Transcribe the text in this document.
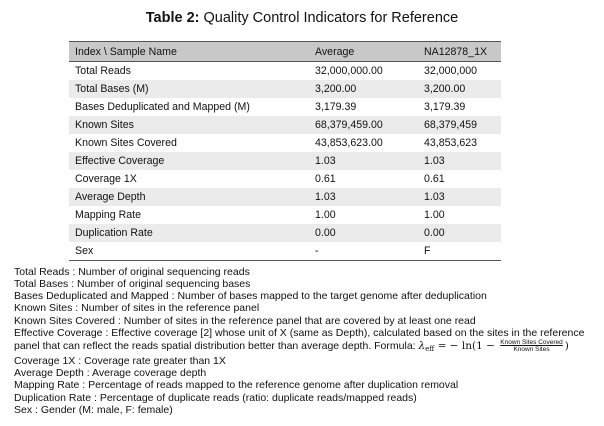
Table 2: Quality Control Indicators for Reference
Index \ Sample Name	Average	NA12878_1X
Total Reads	32,000,000.00	32,000,000
Total Bases (M)	3,200.00	3,200.00
Bases Deduplicated and Mapped (M)	3,179.39	3,179.39
Known Sites	68,379,459.00	68,379,459
Known Sites Covered	43,853,623.00	43,853,623
Effective Coverage	1.03	1.03
Coverage 1X	0.61	0.61
Average Depth	1.03	1.03
Mapping Rate	1.00	1.00
Duplication Rate	0.00	0.00
Sex	-	F
Total Reads : Number of original sequencing reads
Total Bases : Number of original sequencing bases
Bases Deduplicated and Mapped : Number of bases mapped to the target genome after deduplication
Known Sites : Number of sites in the reference panel
Known Sites Covered : Number of sites in the reference panel that are covered by at least one read
Effective Coverage : Effective coverage [2] whose unit of X (same as Depth), calculated based on the sites in the reference panel that can reflect the reads spatial distribution better than average depth. Formula: $\lambda_{eff}$ = − $\ln(1 - \frac{\text{Known Sites Covered}}{\text{Known Sites}}$ )
Coverage 1X : Coverage rate greater than 1X
Average Depth : Average coverage depth
Mapping Rate : Percentage of reads mapped to the reference genome after duplication removal
Duplication Rate : Percentage of duplicate reads (ratio: duplicate reads/mapped reads)
Sex : Gender (M: male, F: female)
